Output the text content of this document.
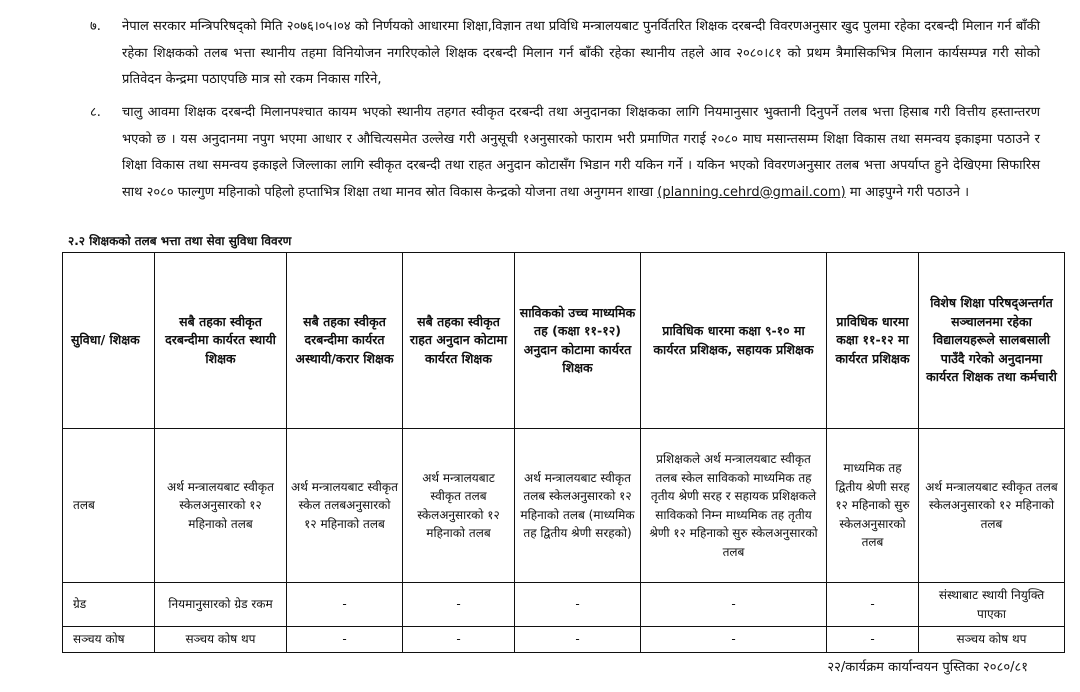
७. नेपाल सरकार मन्त्रिपरिषद्को मिति २०७६।०५।०४ को निर्णयको आधारमा शिक्षा,विज्ञान तथा प्रविधि मन्त्रालयबाट पुनर्वितरित शिक्षक दरबन्दी विवरणअनुसार खुद पुलमा रहेका दरबन्दी मिलान गर्न बाँकी रहेका शिक्षकको तलब भत्ता स्थानीय तहमा विनियोजन नगरिएकोले शिक्षक दरबन्दी मिलान गर्न बाँकी रहेका स्थानीय तहले आव २०८०।८१ को प्रथम त्रैमासिकभित्र मिलान कार्यसम्पन्न गरी सोको प्रतिवेदन केन्द्रमा पठाएपछि मात्र सो रकम निकास गरिने,
८. चालु आवमा शिक्षक दरबन्दी मिलानपश्चात कायम भएको स्थानीय तहगत स्वीकृत दरबन्दी तथा अनुदानका शिक्षकका लागि नियमानुसार भुक्तानी दिनुपर्ने तलब भत्ता हिसाब गरी वित्तीय हस्तान्तरण भएको छ । यस अनुदानमा नपुग भएमा आधार र औचित्यसमेत उल्लेख गरी अनुसूची १अनुसारको फाराम भरी प्रमाणित गराई २०८० माघ मसान्तसम्म शिक्षा विकास तथा समन्वय इकाइमा पठाउने र शिक्षा विकास तथा समन्वय इकाइले जिल्लाका लागि स्वीकृत दरबन्दी तथा राहत अनुदान कोटासँग भिडान गरी यकिन गर्ने । यकिन भएको विवरणअनुसार तलब भत्ता अपर्याप्त हुने देखिएमा सिफारिस साथ २०८० फाल्गुण महिनाको पहिलो हप्ताभित्र शिक्षा तथा मानव स्रोत विकास केन्द्रको योजना तथा अनुगमन शाखा (planning.cehrd@gmail.com) मा आइपुग्ने गरी पठाउने ।
२.२ शिक्षकको तलब भत्ता तथा सेवा सुविधा विवरण
सुविधा/ शिक्षक	सबै तहका स्वीकृत दरबन्दीमा कार्यरत स्थायी शिक्षक	सबै तहका स्वीकृत दरबन्दीमा कार्यरत अस्थायी/करार शिक्षक	सबै तहका स्वीकृत राहत अनुदान कोटामा कार्यरत शिक्षक	साविकको उच्च माध्यमिक तह (कक्षा ११-१२) अनुदान कोटामा कार्यरत शिक्षक	प्राविधिक धारमा कक्षा ९-१० मा कार्यरत प्रशिक्षक, सहायक प्रशिक्षक	प्राविधिक धारमा कक्षा ११-१२ मा कार्यरत प्रशिक्षक	विशेष शिक्षा परिषद्अन्तर्गत सञ्चालनमा रहेका विद्यालयहरूले सालबसाली पाउँदै गरेको अनुदानमा कार्यरत शिक्षक तथा कर्मचारी
तलब	अर्थ मन्त्रालयबाट स्वीकृत स्केलअनुसारको १२ महिनाको तलब	अर्थ मन्त्रालयबाट स्वीकृत स्केल तलबअनुसारको १२ महिनाको तलब	अर्थ मन्त्रालयबाट स्वीकृत तलब स्केलअनुसारको १२ महिनाको तलब	अर्थ मन्त्रालयबाट स्वीकृत तलब स्केलअनुसारको १२ महिनाको तलब (माध्यमिक तह द्वितीय श्रेणी सरहको)	प्रशिक्षकले अर्थ मन्त्रालयबाट स्वीकृत तलब स्केल साविकको माध्यमिक तह तृतीय श्रेणी सरह र सहायक प्रशिक्षकले साविकको निम्न माध्यमिक तह तृतीय श्रेणी १२ महिनाको सुरु स्केलअनुसारको तलब	माध्यमिक तह द्वितीय श्रेणी सरह १२ महिनाको सुरु स्केलअनुसारको तलब	अर्थ मन्त्रालयबाट स्वीकृत तलब स्केलअनुसारको १२ महिनाको तलब
ग्रेड	नियमानुसारको ग्रेड रकम	-	-	-	-	-	संस्थाबाट स्थायी नियुक्ति पाएका
सञ्चय कोष	सञ्चय कोष थप	-	-	-	-	-	सञ्चय कोष थप
२२/कार्यक्रम कार्यान्वयन पुस्तिका २०८०/८१
